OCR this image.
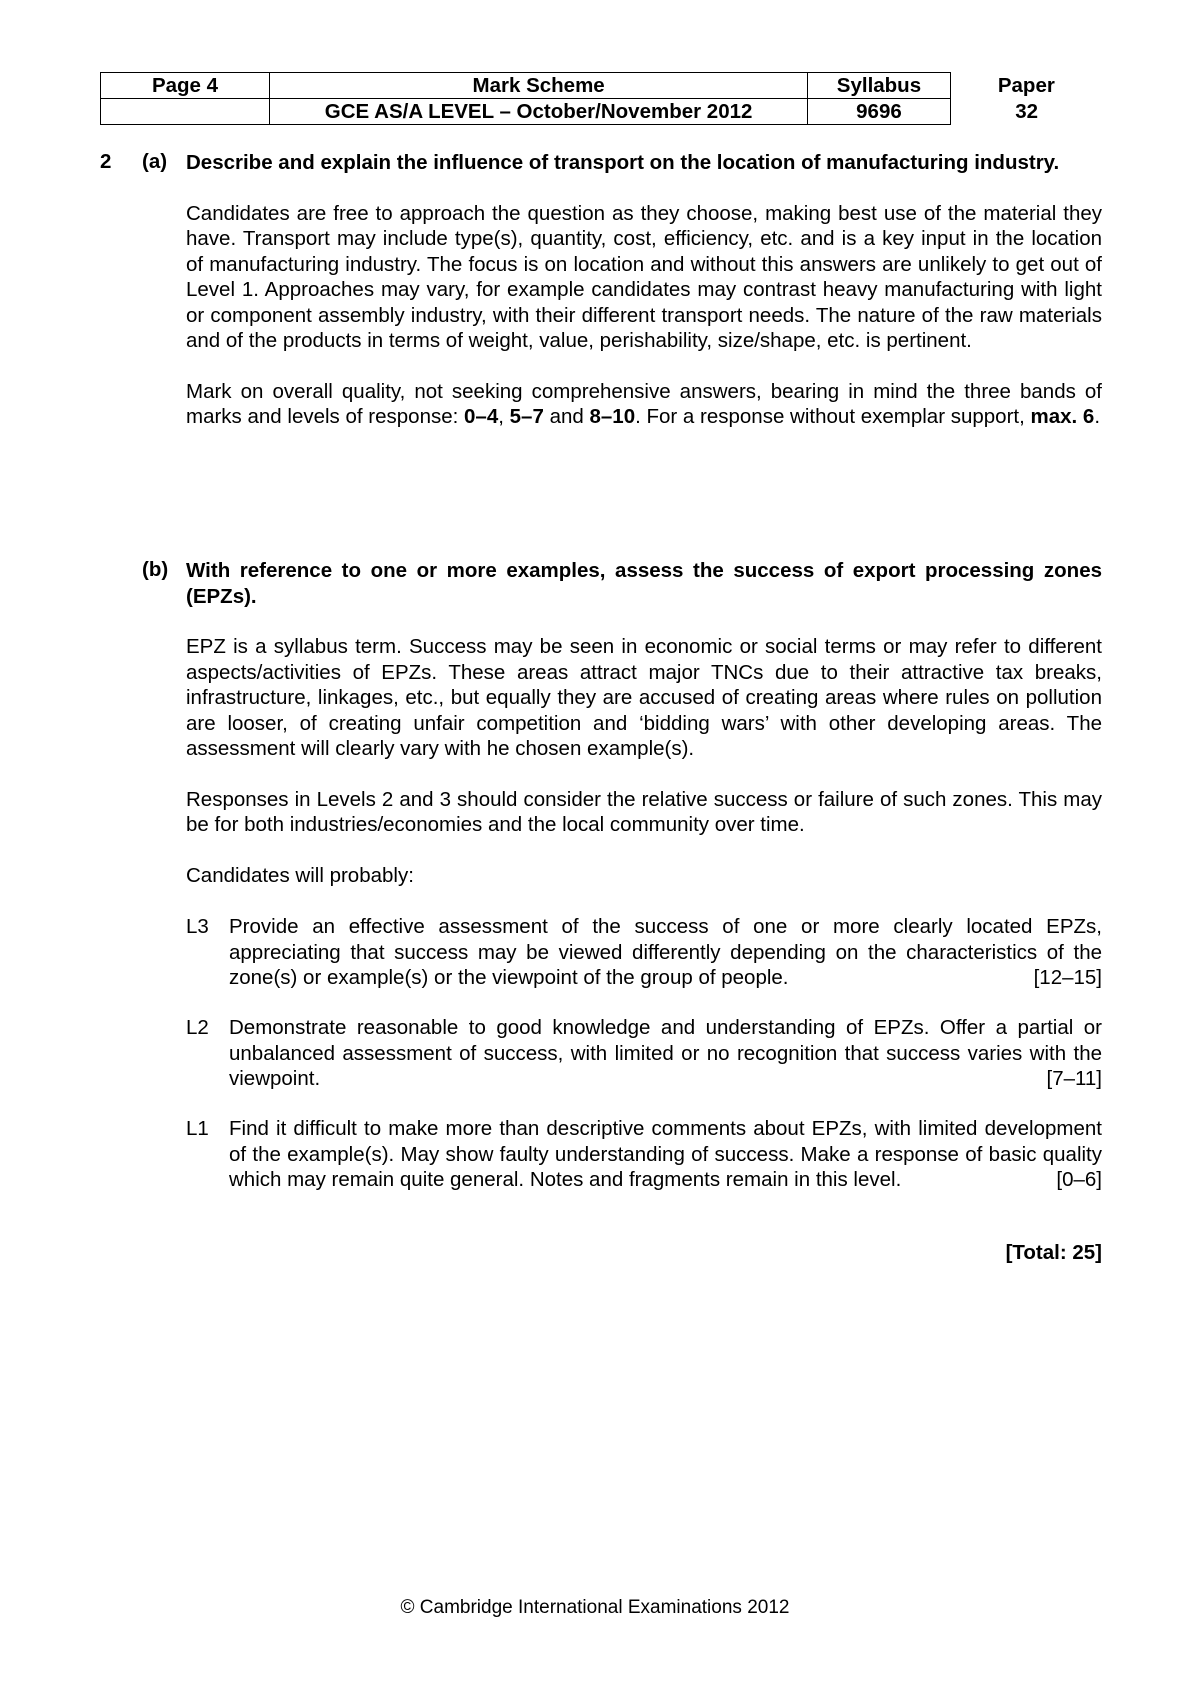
Page 4	Mark Scheme	Syllabus	Paper
	GCE AS/A LEVEL – October/November 2012	9696	32
2 (a) Describe and explain the influence of transport on the location of manufacturing industry.

Candidates are free to approach the question as they choose, making best use of the material they have. Transport may include type(s), quantity, cost, efficiency, etc. and is a key input in the location of manufacturing industry. The focus is on location and without this answers are unlikely to get out of Level 1. Approaches may vary, for example candidates may contrast heavy manufacturing with light or component assembly industry, with their different transport needs. The nature of the raw materials and of the products in terms of weight, value, perishability, size/shape, etc. is pertinent.

Mark on overall quality, not seeking comprehensive answers, bearing in mind the three bands of marks and levels of response: 0–4, 5–7 and 8–10. For a response without exemplar support, max. 6.

(b) With reference to one or more examples, assess the success of export processing zones (EPZs).

EPZ is a syllabus term. Success may be seen in economic or social terms or may refer to different aspects/activities of EPZs. These areas attract major TNCs due to their attractive tax breaks, infrastructure, linkages, etc., but equally they are accused of creating areas where rules on pollution are looser, of creating unfair competition and ‘bidding wars’ with other developing areas. The assessment will clearly vary with he chosen example(s).

Responses in Levels 2 and 3 should consider the relative success or failure of such zones. This may be for both industries/economies and the local community over time.

Candidates will probably:

L3 Provide an effective assessment of the success of one or more clearly located EPZs, appreciating that success may be viewed differently depending on the characteristics of the zone(s) or example(s) or the viewpoint of the group of people.	[12–15]
L2 Demonstrate reasonable to good knowledge and understanding of EPZs. Offer a partial or unbalanced assessment of success, with limited or no recognition that success varies with the viewpoint.	[7–11]
L1 Find it difficult to make more than descriptive comments about EPZs, with limited development of the example(s). May show faulty understanding of success. Make a response of basic quality which may remain quite general. Notes and fragments remain in this level.	[0–6]
[Total: 25]
© Cambridge International Examinations 2012
